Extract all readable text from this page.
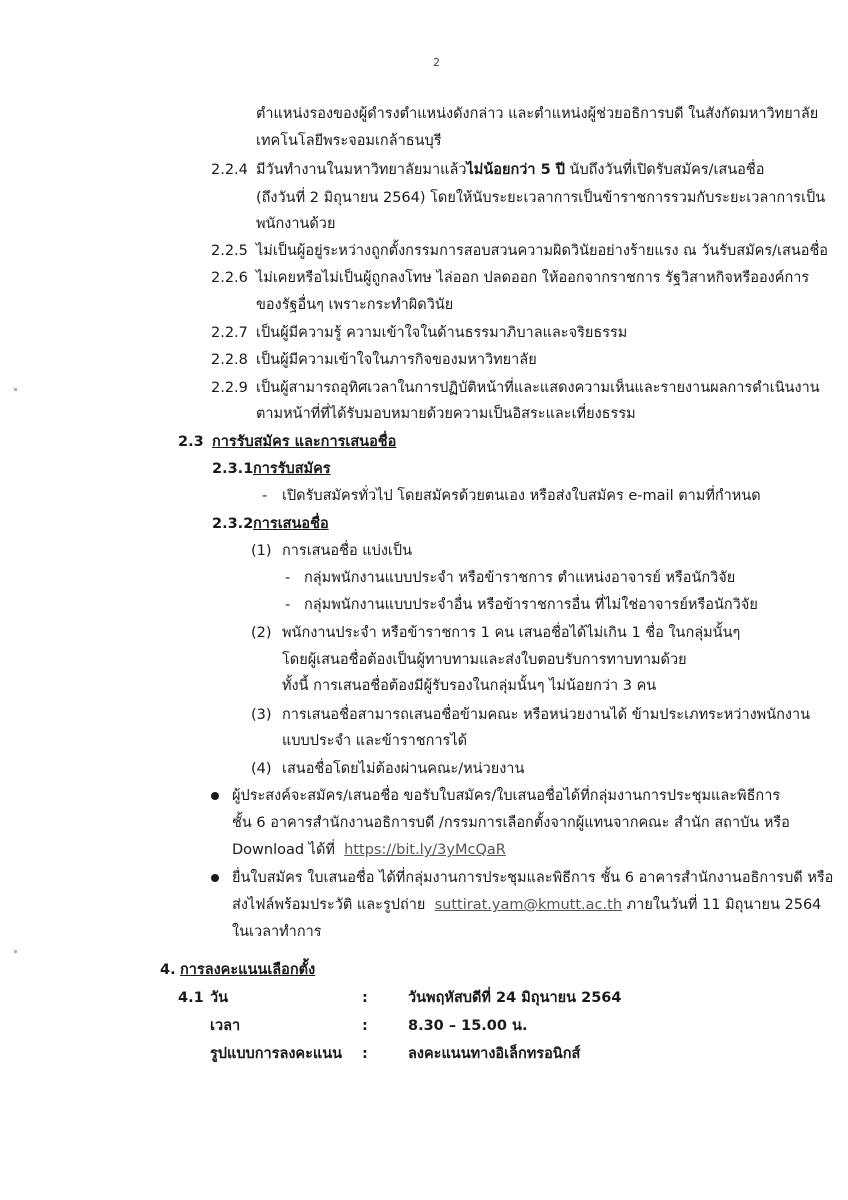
2
ตำแหน่งรองของผู้ดำรงตำแหน่งดังกล่าว และตำแหน่งผู้ช่วยอธิการบดี ในสังกัดมหาวิทยาลัย
เทคโนโลยีพระจอมเกล้าธนบุรี
2.2.4 มีวันทำงานในมหาวิทยาลัยมาแล้วไม่น้อยกว่า 5 ปี นับถึงวันที่เปิดรับสมัคร/เสนอชื่อ
(ถึงวันที่ 2 มิถุนายน 2564) โดยให้นับระยะเวลาการเป็นข้าราชการรวมกับระยะเวลาการเป็น
พนักงานด้วย
2.2.5 ไม่เป็นผู้อยู่ระหว่างถูกตั้งกรรมการสอบสวนความผิดวินัยอย่างร้ายแรง ณ วันรับสมัคร/เสนอชื่อ
2.2.6 ไม่เคยหรือไม่เป็นผู้ถูกลงโทษ ไล่ออก ปลดออก ให้ออกจากราชการ รัฐวิสาหกิจหรือองค์การ
ของรัฐอื่นๆ เพราะกระทำผิดวินัย
2.2.7 เป็นผู้มีความรู้ ความเข้าใจในด้านธรรมาภิบาลและจริยธรรม
2.2.8 เป็นผู้มีความเข้าใจในภารกิจของมหาวิทยาลัย
2.2.9 เป็นผู้สามารถอุทิศเวลาในการปฏิบัติหน้าที่และแสดงความเห็นและรายงานผลการดำเนินงาน
ตามหน้าที่ที่ได้รับมอบหมายด้วยความเป็นอิสระและเที่ยงธรรม
2.3 การรับสมัคร และการเสนอชื่อ
2.3.1 การรับสมัคร
- เปิดรับสมัครทั่วไป โดยสมัครด้วยตนเอง หรือส่งใบสมัคร e-mail ตามที่กำหนด
2.3.2 การเสนอชื่อ
(1) การเสนอชื่อ แบ่งเป็น
- กลุ่มพนักงานแบบประจำ หรือข้าราชการ ตำแหน่งอาจารย์ หรือนักวิจัย
- กลุ่มพนักงานแบบประจำอื่น หรือข้าราชการอื่น ที่ไม่ใช่อาจารย์หรือนักวิจัย
(2) พนักงานประจำ หรือข้าราชการ 1 คน เสนอชื่อได้ไม่เกิน 1 ชื่อ ในกลุ่มนั้นๆ
โดยผู้เสนอชื่อต้องเป็นผู้ทาบทามและส่งใบตอบรับการทาบทามด้วย
ทั้งนี้ การเสนอชื่อต้องมีผู้รับรองในกลุ่มนั้นๆ ไม่น้อยกว่า 3 คน
(3) การเสนอชื่อสามารถเสนอชื่อข้ามคณะ หรือหน่วยงานได้ ข้ามประเภทระหว่างพนักงาน
แบบประจำ และข้าราชการได้
(4) เสนอชื่อโดยไม่ต้องผ่านคณะ/หน่วยงาน
ผู้ประสงค์จะสมัคร/เสนอชื่อ ขอรับใบสมัคร/ใบเสนอชื่อได้ที่กลุ่มงานการประชุมและพิธีการ
ชั้น 6 อาคารสำนักงานอธิการบดี /กรรมการเลือกตั้งจากผู้แทนจากคณะ สำนัก สถาบัน หรือ
Download ได้ที่ https://bit.ly/3yMcQaR
ยื่นใบสมัคร ใบเสนอชื่อ ได้ที่กลุ่มงานการประชุมและพิธีการ ชั้น 6 อาคารสำนักงานอธิการบดี หรือ
ส่งไฟล์พร้อมประวัติ และรูปถ่าย suttirat.yam@kmutt.ac.th ภายในวันที่ 11 มิถุนายน 2564
ในเวลาทำการ
4. การลงคะแนนเลือกตั้ง
4.1 วัน	:	วันพฤหัสบดีที่ 24 มิถุนายน 2564
เวลา	:	8.30 – 15.00 น.
รูปแบบการลงคะแนน :	ลงคะแนนทางอิเล็กทรอนิกส์
